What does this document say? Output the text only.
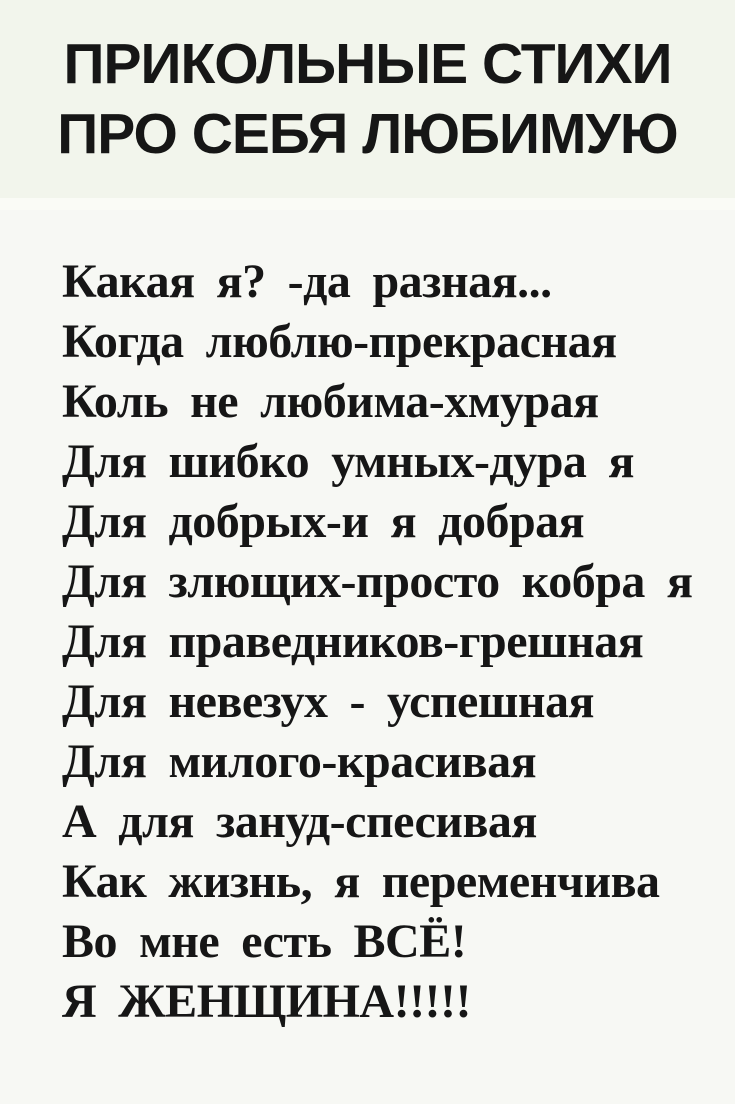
ПРИКОЛЬНЫЕ СТИХИ
ПРО СЕБЯ ЛЮБИМУЮ
Какая я? -да разная...
Когда люблю-прекрасная
Коль не любима-хмурая
Для шибко умных-дура я
Для добрых-и я добрая
Для злющих-просто кобра я
Для праведников-грешная
Для невезух - успешная
Для милого-красивая
А для зануд-спесивая
Как жизнь, я переменчива
Во мне есть ВСЁ!
Я ЖЕНЩИНА!!!!!
